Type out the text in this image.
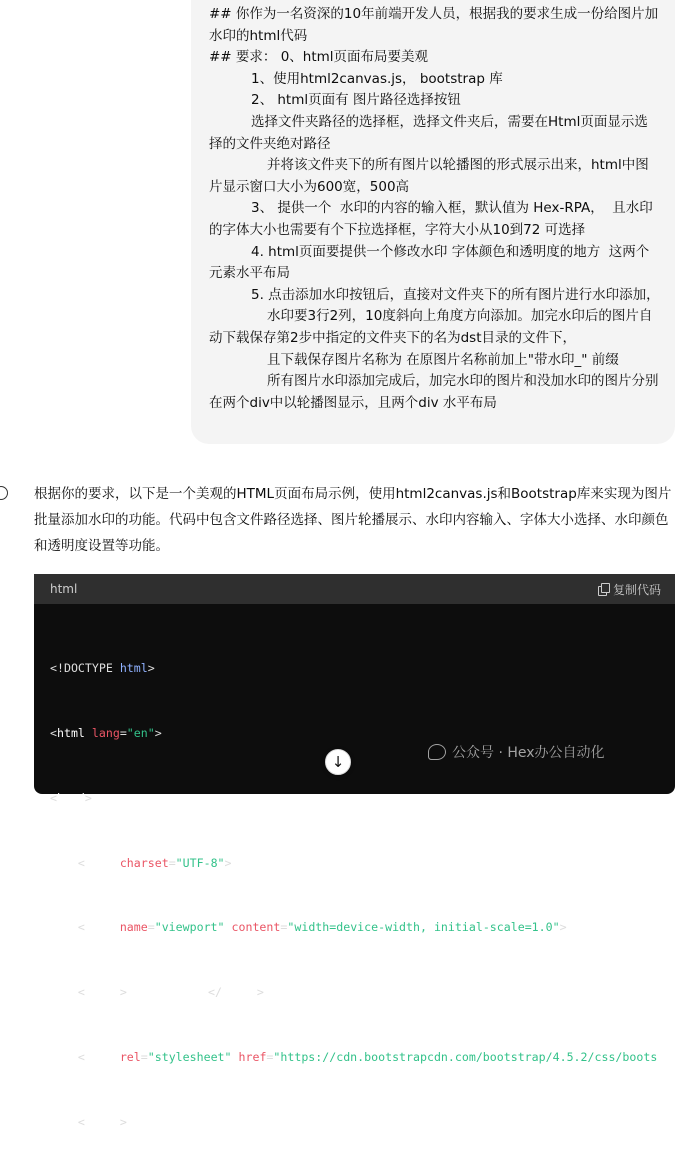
## 你作为一名资深的10年前端开发人员，根据我的要求生成一份给图片加水印的html代码

## 要求： 0、html页面布局要美观

1、使用html2canvas.js， bootstrap 库

2、 html页面有 图片路径选择按钮

选择文件夹路径的选择框，选择文件夹后，需要在Html页面显示选择的文件夹绝对路径

并将该文件夹下的所有图片以轮播图的形式展示出来，html中图片显示窗口大小为600宽，500高

3、 提供一个  水印的内容的输入框，默认值为 Hex-RPA，  且水印的字体大小也需要有个下拉选择框，字符大小从10到72 可选择

4. html页面要提供一个修改水印 字体颜色和透明度的地方  这两个元素水平布局

5. 点击添加水印按钮后，直接对文件夹下的所有图片进行水印添加，

水印要3行2列，10度斜向上角度方向添加。加完水印后的图片自动下载保存第2步中指定的文件夹下的名为dst目录的文件下，

且下载保存图片名称为 在原图片名称前加上"带水印_" 前缀

所有图片水印添加完成后，加完水印的图片和没加水印的图片分别在两个div中以轮播图显示，且两个div 水平布局

根据你的要求，以下是一个美观的HTML页面布局示例，使用html2canvas.js和Bootstrap库来实现为图片批量添加水印的功能。代码中包含文件路径选择、图片轮播展示、水印内容输入、字体大小选择、水印颜色和透明度设置等功能。

html	复制代码

<!DOCTYPE html>

<html lang="en">

<head>

<meta charset="UTF-8">

<meta name="viewport" content="width=device-width, initial-scale=1.0">

<title>批量图片加水印</title>

<link rel="stylesheet" href="https://cdn.bootstrapcdn.com/bootstrap/4.5.2/css/boots

<style>

公众号 · Hex办公自动化
↓
